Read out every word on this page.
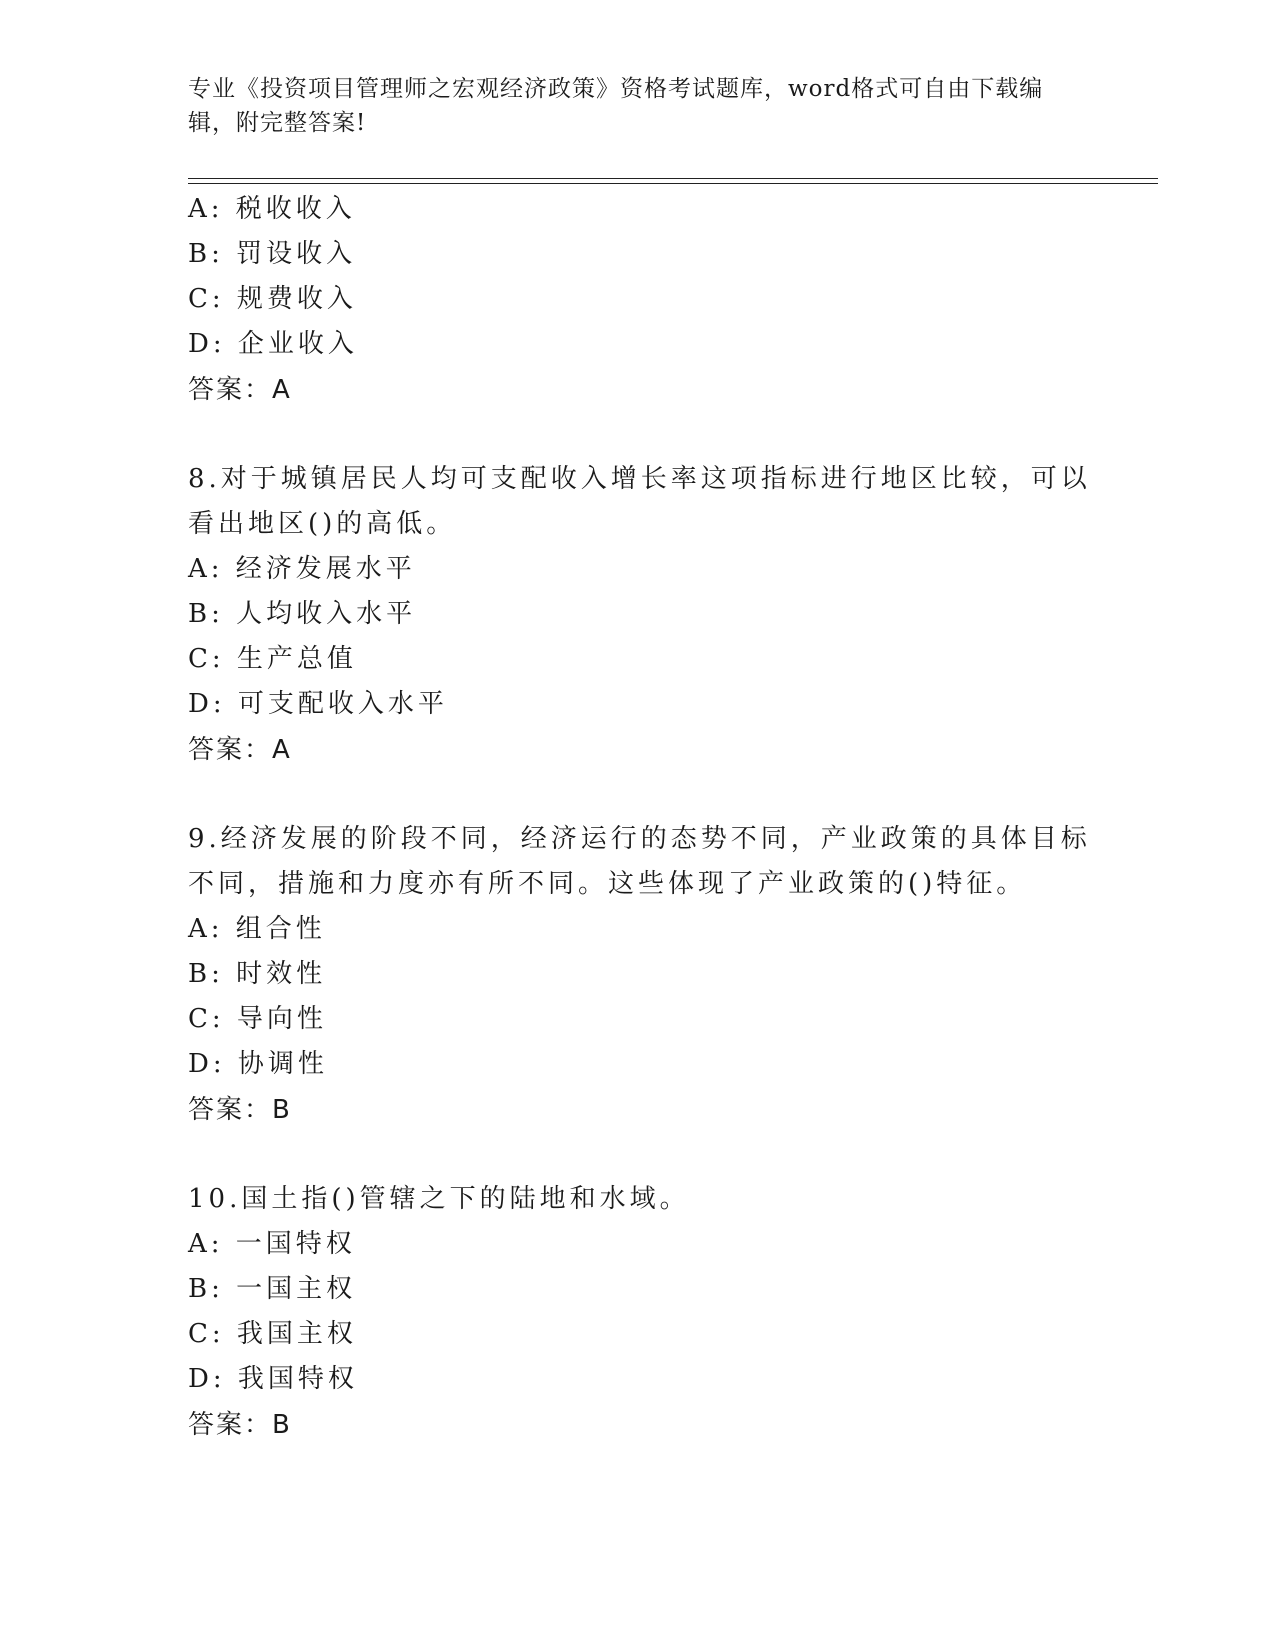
专业《投资项目管理师之宏观经济政策》资格考试题库，word格式可自由下载编
辑，附完整答案!
A: 税收收入
B: 罚设收入
C: 规费收入
D: 企业收入
答案：A
8.对于城镇居民人均可支配收入增长率这项指标进行地区比较，可以
看出地区()的高低。
A: 经济发展水平
B: 人均收入水平
C: 生产总值
D: 可支配收入水平
答案：A
9.经济发展的阶段不同，经济运行的态势不同，产业政策的具体目标
不同，措施和力度亦有所不同。这些体现了产业政策的()特征。
A: 组合性
B: 时效性
C: 导向性
D: 协调性
答案：B
10.国土指()管辖之下的陆地和水域。
A: 一国特权
B: 一国主权
C: 我国主权
D: 我国特权
答案：B
